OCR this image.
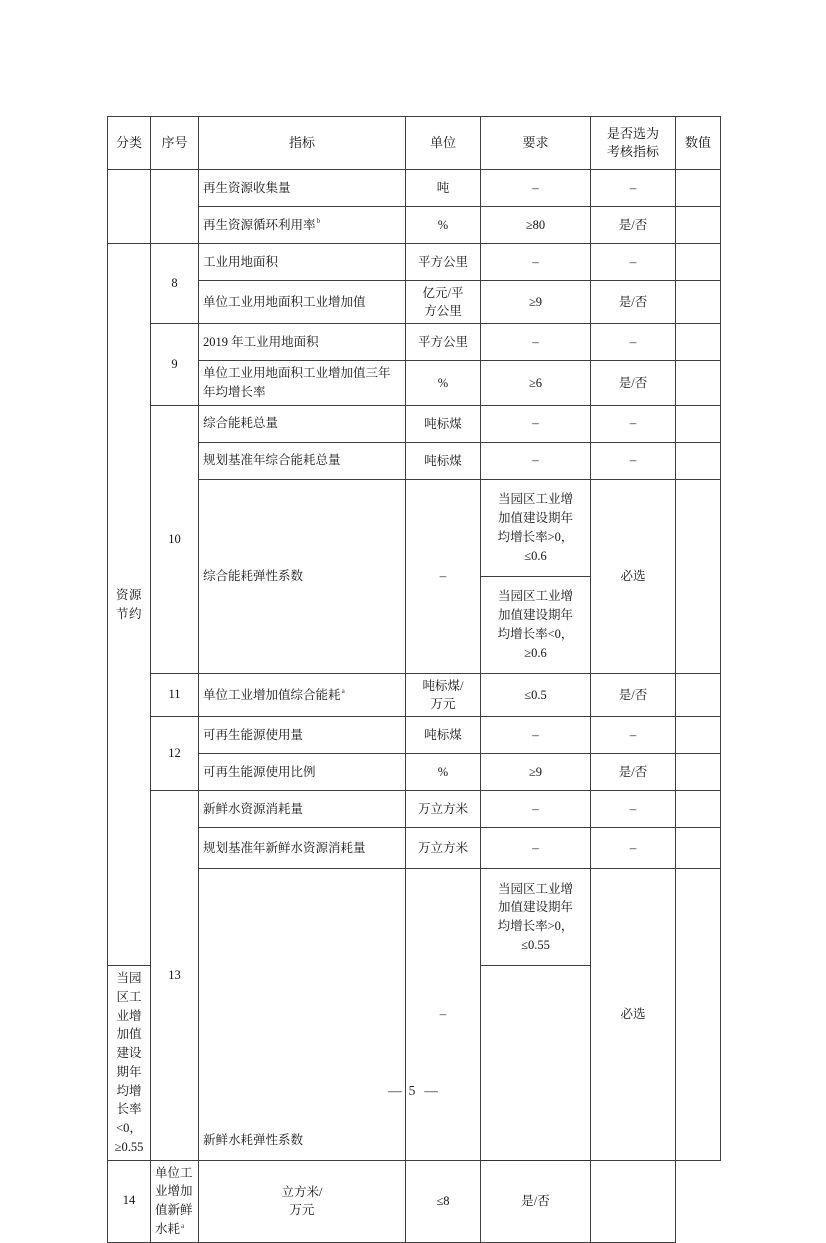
分类	序号	指标	单位	要求	是否选为
考核指标	数值
		再生资源收集量	吨	–	–	
		再生资源循环利用率$^b$	%	≥80	是/否	

资源
节约	8	工业用地面积	平方公里	–	–	
		单位工业用地面积工业增加值	亿元/平
方公里	≥9	是/否	
	9	2019 年工业用地面积	平方公里	–	–	
		单位工业用地面积工业增加值三年年均增长率	%	≥6	是/否	
	10	综合能耗总量	吨标煤	–	–	
		规划基准年综合能耗总量	吨标煤	–	–	
		综合能耗弹性系数	–	当园区工业增
加值建设期年
均增长率>0，
≤0.6	必选	

				当园区工业增
加值建设期年
均增长率<0，
≥0.6		

	11	单位工业增加值综合能耗$^a$	吨标煤/
万元	≤0.5	是/否	
	12	可再生能源使用量	吨标煤	–	–	
		可再生能源使用比例	%	≥9	是/否	
	13	新鲜水资源消耗量	万立方米	–	–	
		规划基准年新鲜水资源消耗量	万立方米	–	–	
		新鲜水耗弹性系数	–	当园区工业增
加值建设期年
均增长率>0，
≤0.55	必选	

当园区工业增
加值建设期年
均增长率<0，
≥0.55						

14	单位工业增加值新鲜水耗$^a$	立方米/
万元	≤8	是/否		
— 5 —
